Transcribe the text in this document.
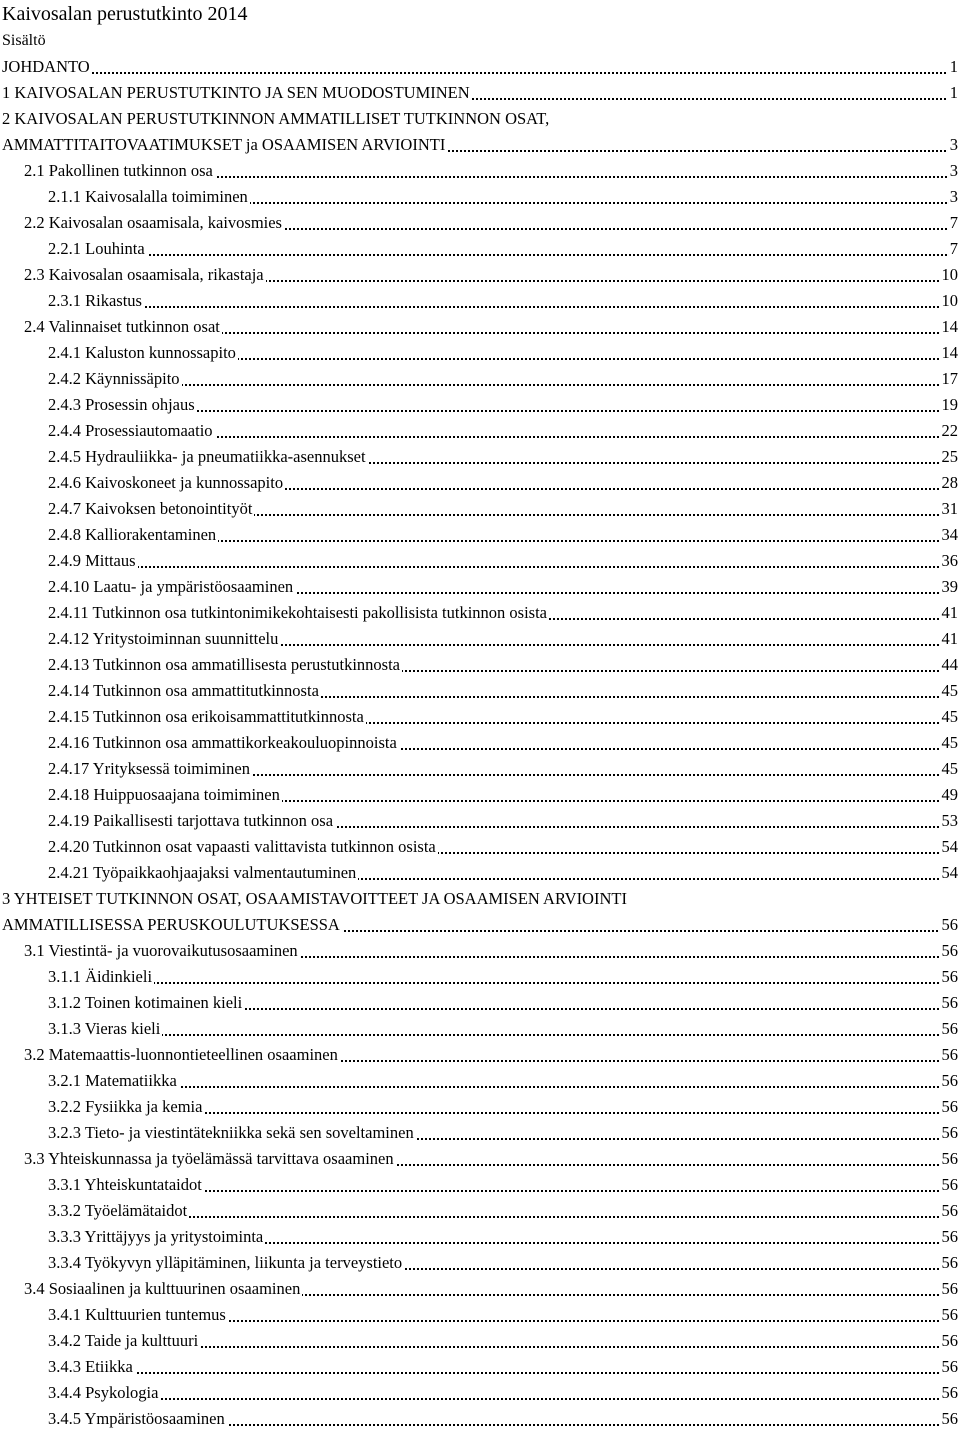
Kaivosalan perustutkinto 2014
Sisältö
JOHDANTO	1
1 KAIVOSALAN PERUSTUTKINTO JA SEN MUODOSTUMINEN	1
2 KAIVOSALAN PERUSTUTKINNON AMMATILLISET TUTKINNON OSAT,
AMMATTITAITOVAATIMUKSET ja OSAAMISEN ARVIOINTI	3
2.1 Pakollinen tutkinnon osa	3
2.1.1 Kaivosalalla toimiminen	3
2.2 Kaivosalan osaamisala, kaivosmies	7
2.2.1 Louhinta	7
2.3 Kaivosalan osaamisala, rikastaja	10
2.3.1 Rikastus	10
2.4 Valinnaiset tutkinnon osat	14
2.4.1 Kaluston kunnossapito	14
2.4.2 Käynnissäpito	17
2.4.3 Prosessin ohjaus	19
2.4.4 Prosessiautomaatio	22
2.4.5 Hydrauliikka- ja pneumatiikka-asennukset	25
2.4.6 Kaivoskoneet ja kunnossapito	28
2.4.7 Kaivoksen betonointityöt	31
2.4.8 Kalliorakentaminen	34
2.4.9 Mittaus	36
2.4.10 Laatu- ja ympäristöosaaminen	39
2.4.11 Tutkinnon osa tutkintonimikekohtaisesti pakollisista tutkinnon osista	41
2.4.12 Yritystoiminnan suunnittelu	41
2.4.13 Tutkinnon osa ammatillisesta perustutkinnosta	44
2.4.14 Tutkinnon osa ammattitutkinnosta	45
2.4.15 Tutkinnon osa erikoisammattitutkinnosta	45
2.4.16 Tutkinnon osa ammattikorkeakouluopinnoista	45
2.4.17 Yrityksessä toimiminen	45
2.4.18 Huippuosaajana toimiminen	49
2.4.19 Paikallisesti tarjottava tutkinnon osa	53
2.4.20 Tutkinnon osat vapaasti valittavista tutkinnon osista	54
2.4.21 Työpaikkaohjaajaksi valmentautuminen	54
3 YHTEISET TUTKINNON OSAT, OSAAMISTAVOITTEET JA OSAAMISEN ARVIOINTI
AMMATILLISESSA PERUSKOULUTUKSESSA	56
3.1 Viestintä- ja vuorovaikutusosaaminen	56
3.1.1 Äidinkieli	56
3.1.2 Toinen kotimainen kieli	56
3.1.3 Vieras kieli	56
3.2 Matemaattis-luonnontieteellinen osaaminen	56
3.2.1 Matematiikka	56
3.2.2 Fysiikka ja kemia	56
3.2.3 Tieto- ja viestintätekniikka sekä sen soveltaminen	56
3.3 Yhteiskunnassa ja työelämässä tarvittava osaaminen	56
3.3.1 Yhteiskuntataidot	56
3.3.2 Työelämätaidot	56
3.3.3 Yrittäjyys ja yritystoiminta	56
3.3.4 Työkyvyn ylläpitäminen, liikunta ja terveystieto	56
3.4 Sosiaalinen ja kulttuurinen osaaminen	56
3.4.1 Kulttuurien tuntemus	56
3.4.2 Taide ja kulttuuri	56
3.4.3 Etiikka	56
3.4.4 Psykologia	56
3.4.5 Ympäristöosaaminen	56
